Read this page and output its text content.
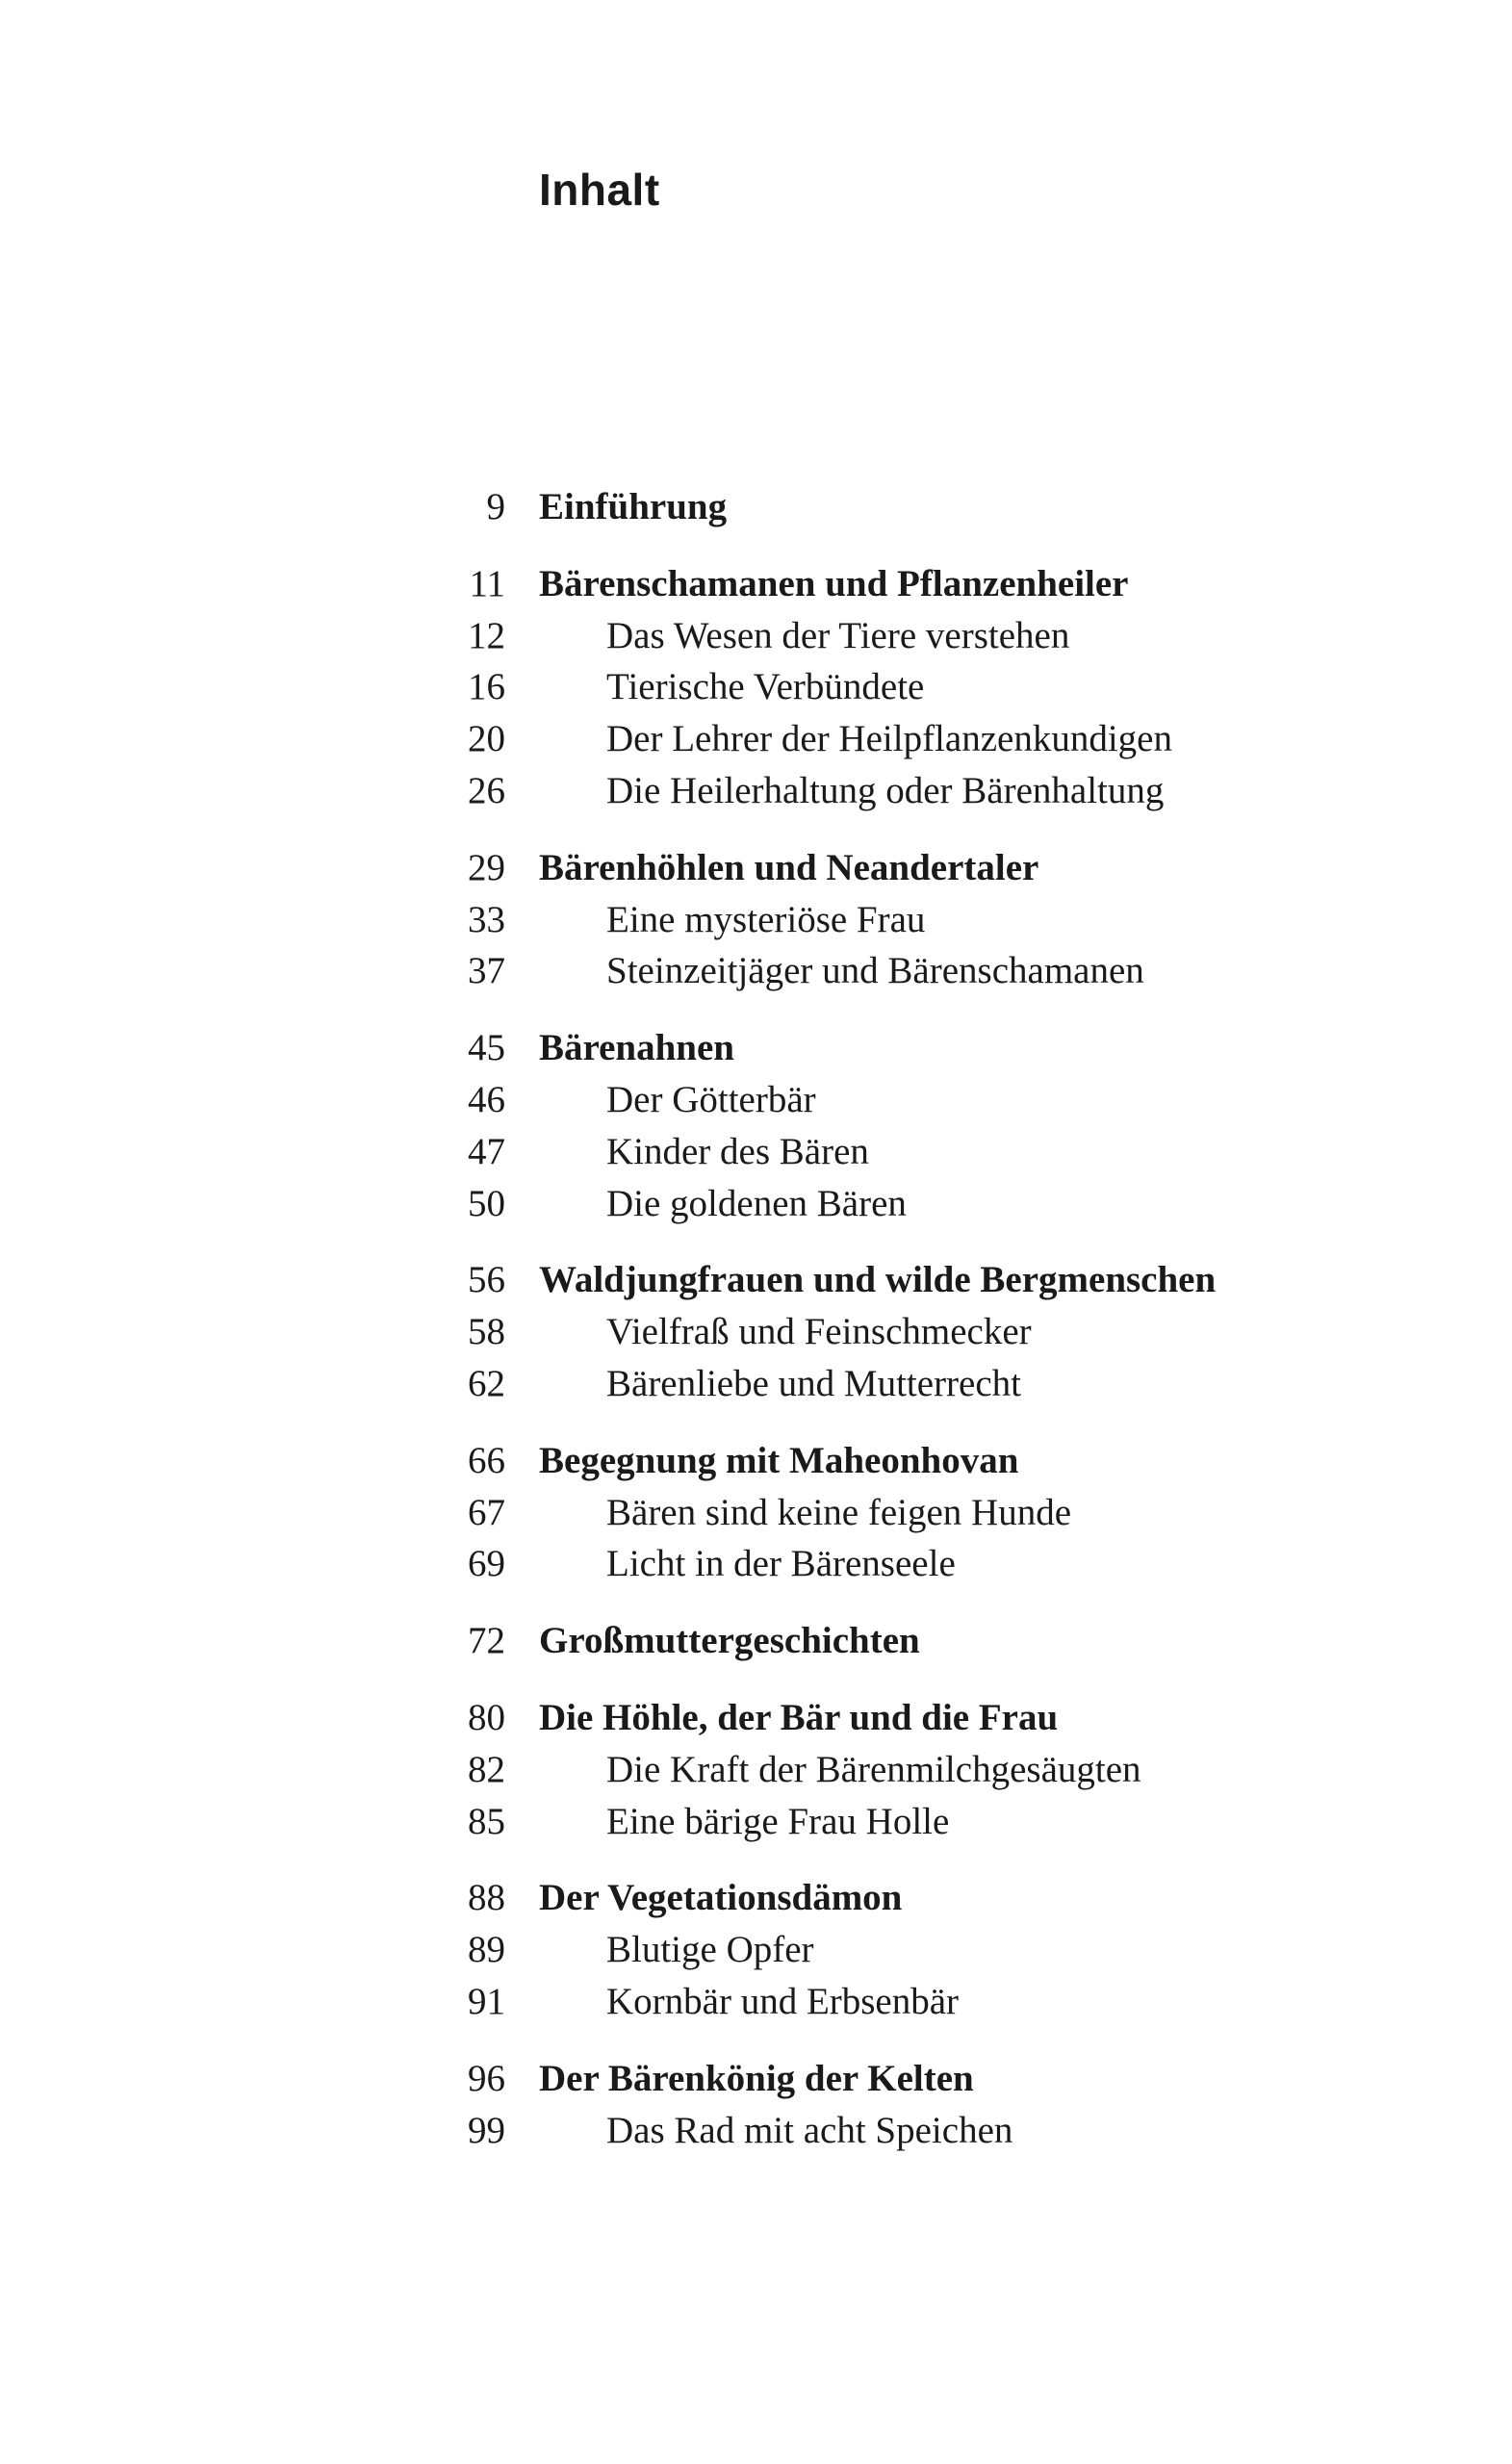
Inhalt
9 Einführung
11 Bärenschamanen und Pflanzenheiler
12	Das Wesen der Tiere verstehen
16	Tierische Verbündete
20	Der Lehrer der Heilpflanzenkundigen
26	Die Heilerhaltung oder Bärenhaltung
29 Bärenhöhlen und Neandertaler
33	Eine mysteriöse Frau
37	Steinzeitjäger und Bärenschamanen
45 Bärenahnen
46	Der Götterbär
47	Kinder des Bären
50	Die goldenen Bären
56 Waldjungfrauen und wilde Bergmenschen
58	Vielfraß und Feinschmecker
62	Bärenliebe und Mutterrecht
66 Begegnung mit Maheonhovan
67	Bären sind keine feigen Hunde
69	Licht in der Bärenseele
72 Großmuttergeschichten
80 Die Höhle, der Bär und die Frau
82	Die Kraft der Bärenmilchgesäugten
85	Eine bärige Frau Holle
88 Der Vegetationsdämon
89	Blutige Opfer
91	Kornbär und Erbsenbär
96 Der Bärenkönig der Kelten
99	Das Rad mit acht Speichen
